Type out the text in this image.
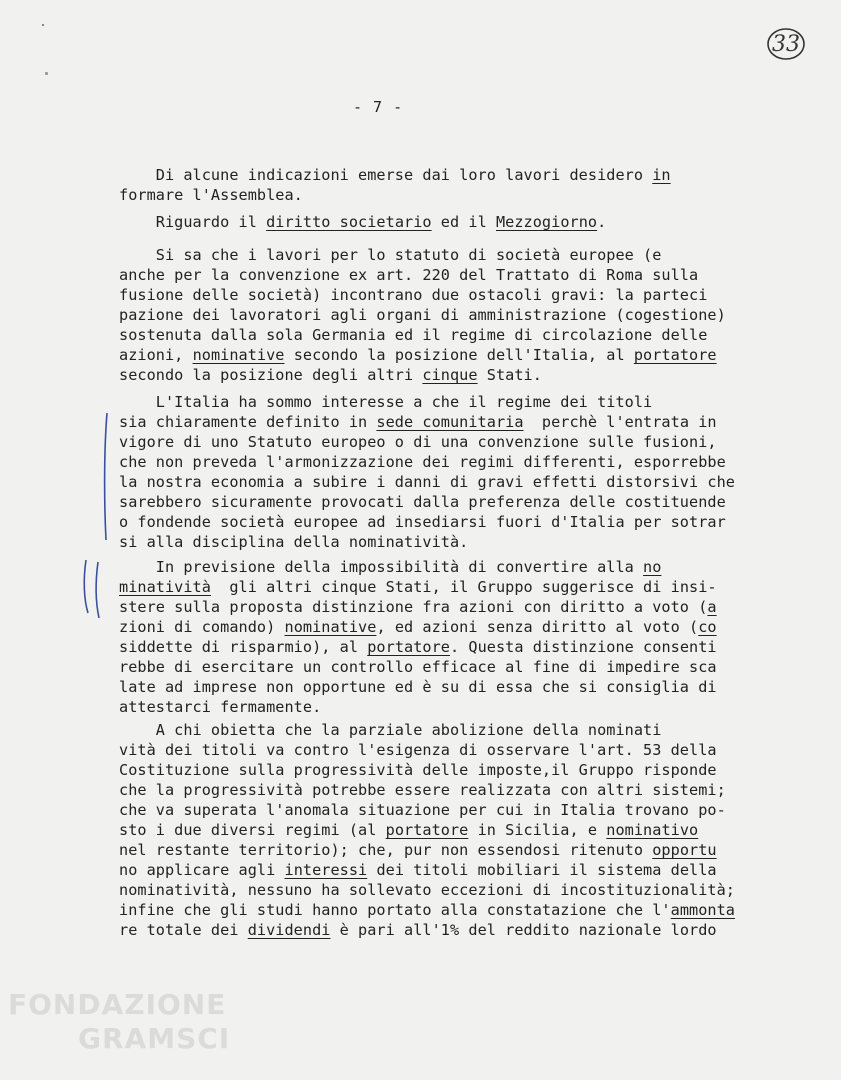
33
- 7 -
Di alcune indicazioni emerse dai loro lavori desidero in
formare l'Assemblea.
Riguardo il diritto societario ed il Mezzogiorno.
Si sa che i lavori per lo statuto di società europee (e
anche per la convenzione ex art. 220 del Trattato di Roma sulla
fusione delle società) incontrano due ostacoli gravi: la parteci
pazione dei lavoratori agli organi di amministrazione (cogestione)
sostenuta dalla sola Germania ed il regime di circolazione delle
azioni, nominative secondo la posizione dell'Italia, al portatore
secondo la posizione degli altri cinque Stati.
L'Italia ha sommo interesse a che il regime dei titoli
sia chiaramente definito in sede comunitaria  perchè l'entrata in
vigore di uno Statuto europeo o di una convenzione sulle fusioni,
che non preveda l'armonizzazione dei regimi differenti, esporrebbe
la nostra economia a subire i danni di gravi effetti distorsivi che
sarebbero sicuramente provocati dalla preferenza delle costituende
o fondende società europee ad insediarsi fuori d'Italia per sotrar
si alla disciplina della nominatività.
In previsione della impossibilità di convertire alla no
minatività  gli altri cinque Stati, il Gruppo suggerisce di insi-
stere sulla proposta distinzione fra azioni con diritto a voto (a
zioni di comando) nominative, ed azioni senza diritto al voto (co
siddette di risparmio), al portatore. Questa distinzione consenti
rebbe di esercitare un controllo efficace al fine di impedire sca
late ad imprese non opportune ed è su di essa che si consiglia di
attestarci fermamente.
A chi obietta che la parziale abolizione della nominati
vità dei titoli va contro l'esigenza di osservare l'art. 53 della
Costituzione sulla progressività delle imposte,il Gruppo risponde
che la progressività potrebbe essere realizzata con altri sistemi;
che va superata l'anomala situazione per cui in Italia trovano po-
sto i due diversi regimi (al portatore in Sicilia, e nominativo
nel restante territorio); che, pur non essendosi ritenuto opportu
no applicare agli interessi dei titoli mobiliari il sistema della
nominatività, nessuno ha sollevato eccezioni di incostituzionalità;
infine che gli studi hanno portato alla constatazione che l'ammonta
re totale dei dividendi è pari all'1% del reddito nazionale lordo
FONDAZIONE
GRAMSCI
